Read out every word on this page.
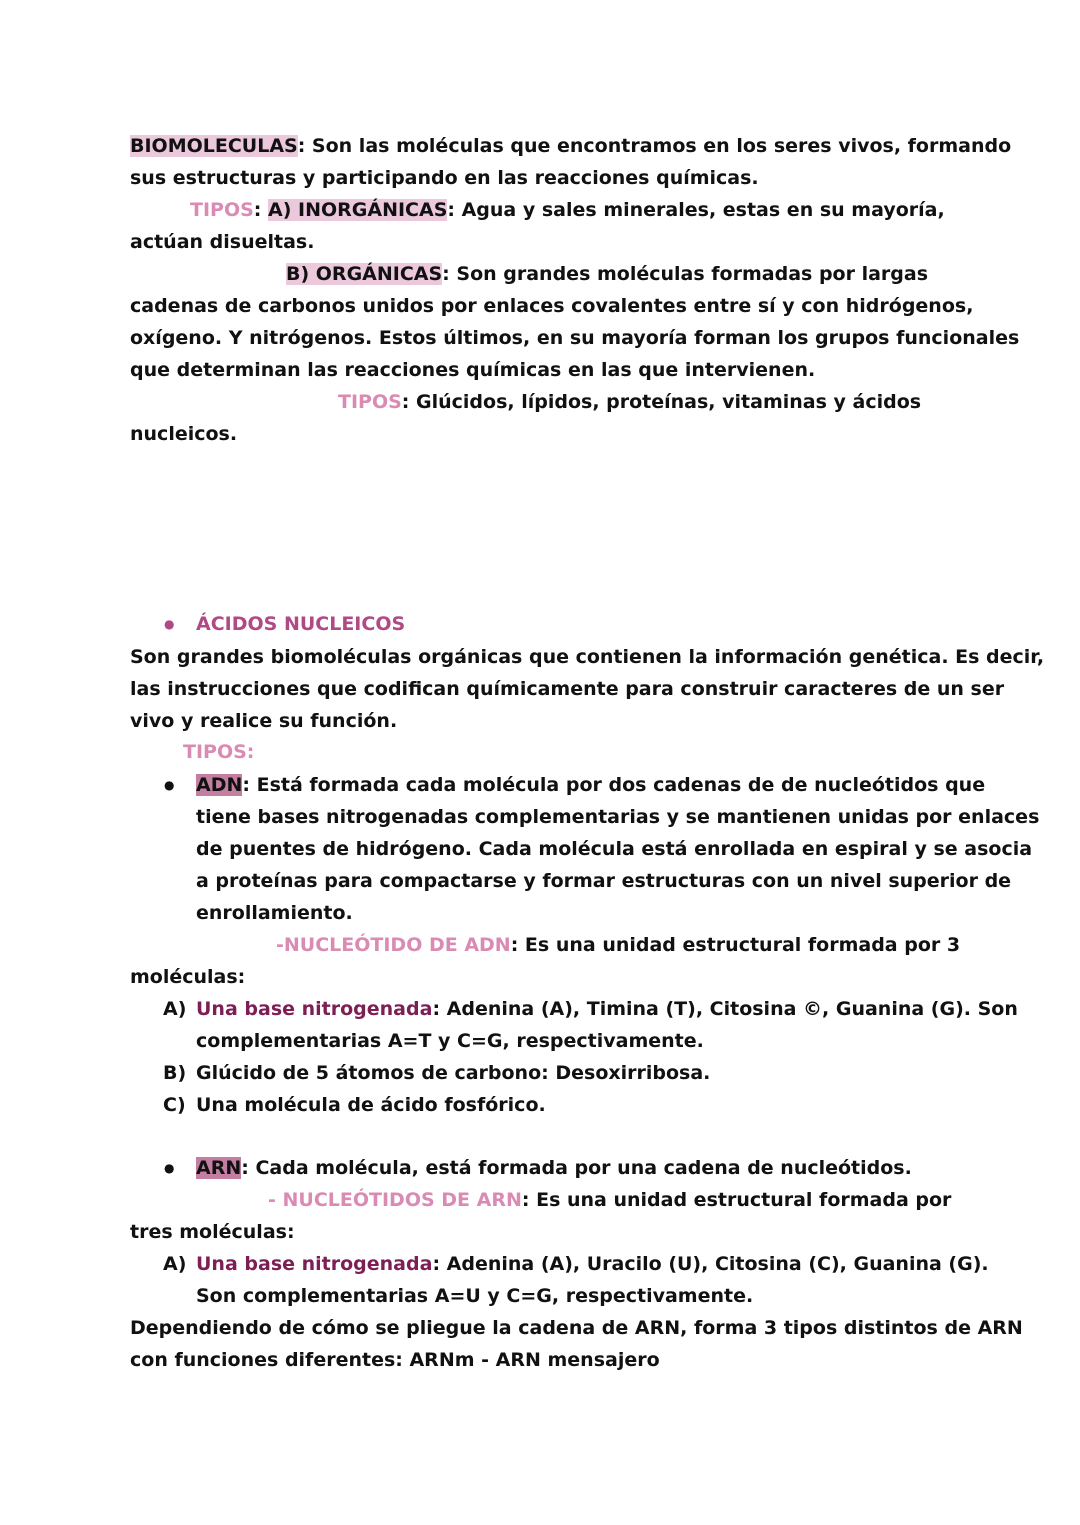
BIOMOLECULAS: Son las moléculas que encontramos en los seres vivos, formando
sus estructuras y participando en las reacciones químicas.
TIPOS: A) INORGÁNICAS: Agua y sales minerales, estas en su mayoría,
actúan disueltas.
B) ORGÁNICAS: Son grandes moléculas formadas por largas
cadenas de carbonos unidos por enlaces covalentes entre sí y con hidrógenos,
oxígeno. Y nitrógenos. Estos últimos, en su mayoría forman los grupos funcionales
que determinan las reacciones químicas en las que intervienen.
TIPOS: Glúcidos, lípidos, proteínas, vitaminas y ácidos
nucleicos.
● ÁCIDOS NUCLEICOS
Son grandes biomoléculas orgánicas que contienen la información genética. Es decir,
las instrucciones que codifican químicamente para construir caracteres de un ser
vivo y realice su función.
TIPOS:
● ADN: Está formada cada molécula por dos cadenas de de nucleótidos que
tiene bases nitrogenadas complementarias y se mantienen unidas por enlaces
de puentes de hidrógeno. Cada molécula está enrollada en espiral y se asocia
a proteínas para compactarse y formar estructuras con un nivel superior de
enrollamiento.
-NUCLEÓTIDO DE ADN: Es una unidad estructural formada por 3
moléculas:
A) Una base nitrogenada: Adenina (A), Timina (T), Citosina ©, Guanina (G). Son
complementarias A=T y C=G, respectivamente.
B) Glúcido de 5 átomos de carbono: Desoxirribosa.
C) Una molécula de ácido fosfórico.
● ARN: Cada molécula, está formada por una cadena de nucleótidos.
- NUCLEÓTIDOS DE ARN: Es una unidad estructural formada por
tres moléculas:
A) Una base nitrogenada: Adenina (A), Uracilo (U), Citosina (C), Guanina (G).
Son complementarias A=U y C=G, respectivamente.
Dependiendo de cómo se pliegue la cadena de ARN, forma 3 tipos distintos de ARN
con funciones diferentes: ARNm - ARN mensajero
